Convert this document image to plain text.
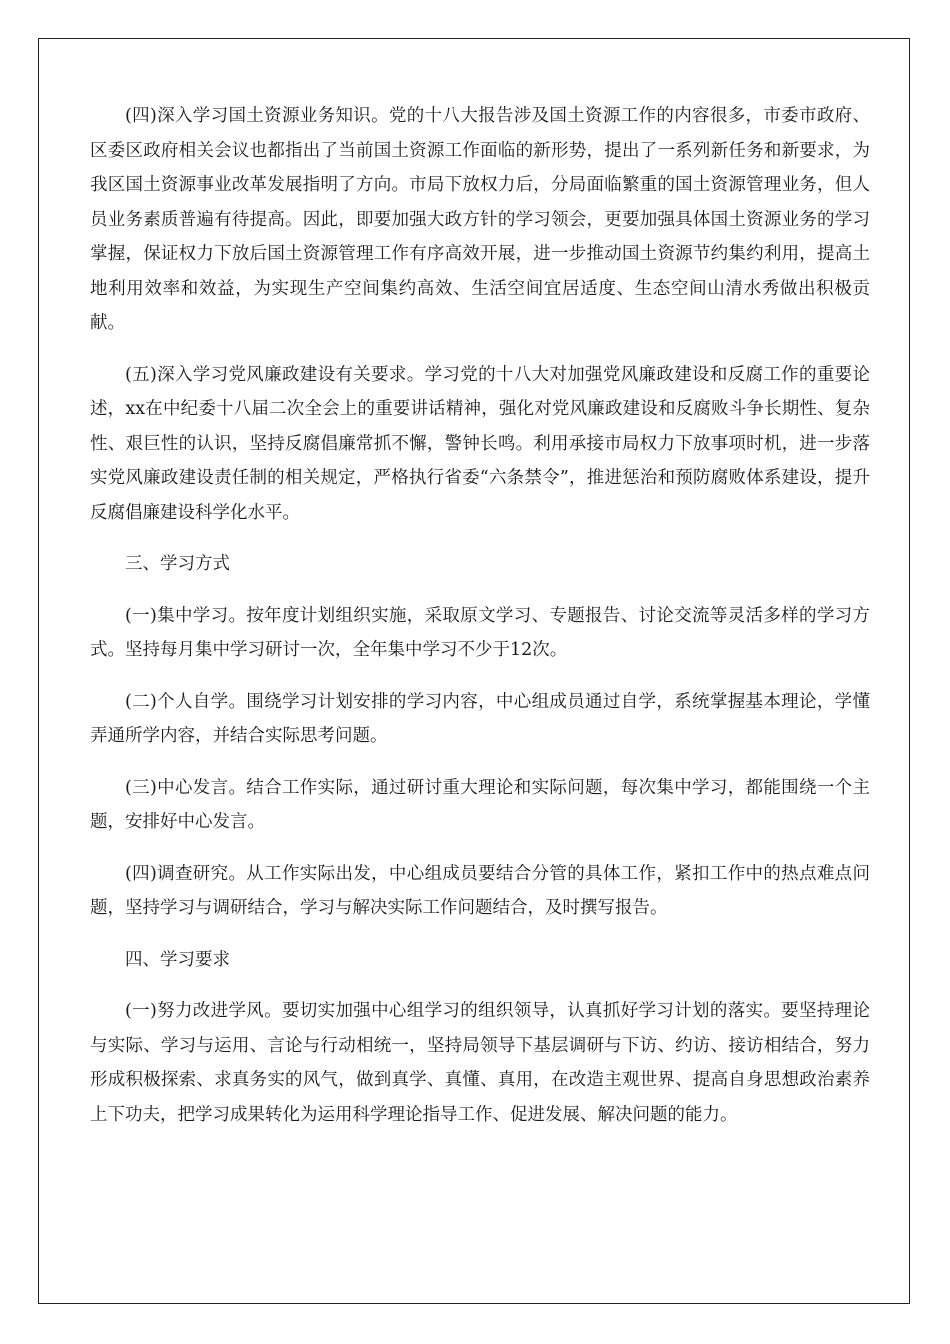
(四)深入学习国土资源业务知识。党的十八大报告涉及国土资源工作的内容很多，市委市政府、区委区政府相关会议也都指出了当前国土资源工作面临的新形势，提出了一系列新任务和新要求，为我区国土资源事业改革发展指明了方向。市局下放权力后，分局面临繁重的国土资源管理业务，但人员业务素质普遍有待提高。因此，即要加强大政方针的学习领会，更要加强具体国土资源业务的学习掌握，保证权力下放后国土资源管理工作有序高效开展，进一步推动国土资源节约集约利用，提高土地利用效率和效益，为实现生产空间集约高效、生活空间宜居适度、生态空间山清水秀做出积极贡献。

(五)深入学习党风廉政建设有关要求。学习党的十八大对加强党风廉政建设和反腐工作的重要论述，xx在中纪委十八届二次全会上的重要讲话精神，强化对党风廉政建设和反腐败斗争长期性、复杂性、艰巨性的认识，坚持反腐倡廉常抓不懈，警钟长鸣。利用承接市局权力下放事项时机，进一步落实党风廉政建设责任制的相关规定，严格执行省委“六条禁令”，推进惩治和预防腐败体系建设，提升反腐倡廉建设科学化水平。

三、学习方式

(一)集中学习。按年度计划组织实施，采取原文学习、专题报告、讨论交流等灵活多样的学习方式。坚持每月集中学习研讨一次，全年集中学习不少于12次。

(二)个人自学。围绕学习计划安排的学习内容，中心组成员通过自学，系统掌握基本理论，学懂弄通所学内容，并结合实际思考问题。

(三)中心发言。结合工作实际，通过研讨重大理论和实际问题，每次集中学习，都能围绕一个主题，安排好中心发言。

(四)调查研究。从工作实际出发，中心组成员要结合分管的具体工作，紧扣工作中的热点难点问题，坚持学习与调研结合，学习与解决实际工作问题结合，及时撰写报告。

四、学习要求

(一)努力改进学风。要切实加强中心组学习的组织领导，认真抓好学习计划的落实。要坚持理论与实际、学习与运用、言论与行动相统一，坚持局领导下基层调研与下访、约访、接访相结合，努力形成积极探索、求真务实的风气，做到真学、真懂、真用，在改造主观世界、提高自身思想政治素养上下功夫，把学习成果转化为运用科学理论指导工作、促进发展、解决问题的能力。
